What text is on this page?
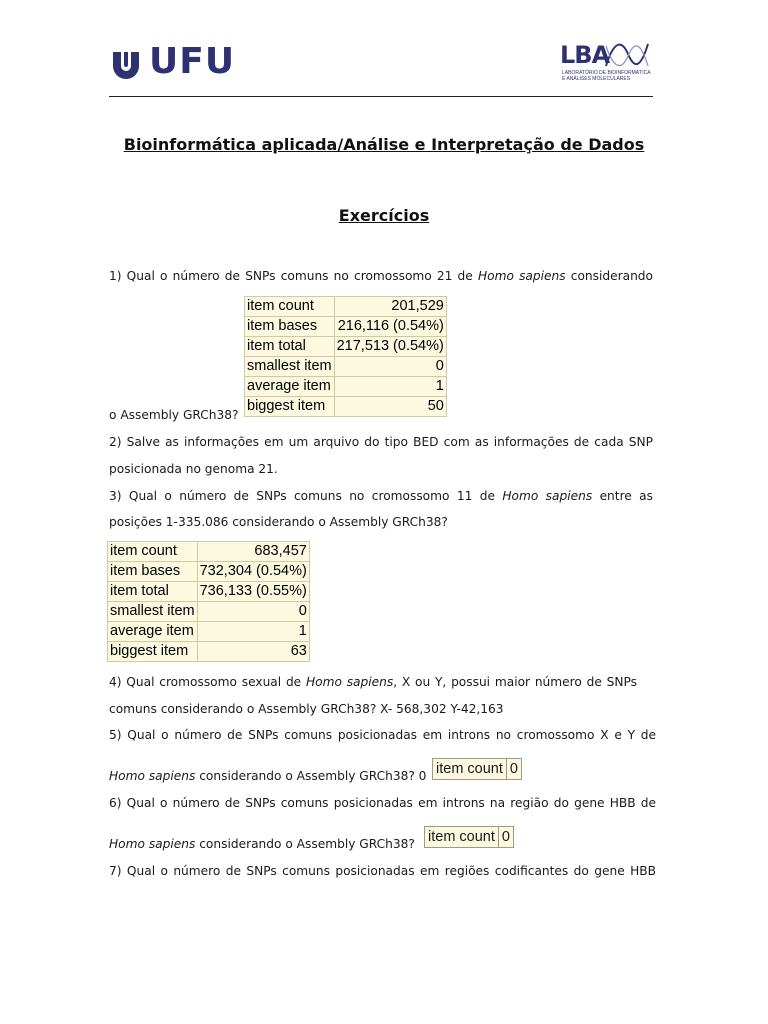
UFU	LBA
LABORATÓRIO DE BIOINFORMÁTICA E ANÁLISES MOLECULARES
Bioinformática aplicada/Análise e Interpretação de Dados
Exercícios
1) Qual o número de SNPs comuns no cromossomo 21 de Homo sapiens considerando
item count	201,529
item bases	216,116 (0.54%)
item total	217,513 (0.54%)
smallest item	0
average item	1
biggest item	50
o Assembly GRCh38?
2) Salve as informações em um arquivo do tipo BED com as informações de cada SNP
posicionada no genoma 21.
3) Qual o número de SNPs comuns no cromossomo 11 de Homo sapiens entre as
posições 1-335.086 considerando o Assembly GRCh38?
item count	683,457
item bases	732,304 (0.54%)
item total	736,133 (0.55%)
smallest item	0
average item	1
biggest item	63
4) Qual cromossomo sexual de Homo sapiens, X ou Y, possui maior número de SNPs
comuns considerando o Assembly GRCh38? X- 568,302 Y-42,163
5) Qual o número de SNPs comuns posicionadas em introns no cromossomo X e Y de
Homo sapiens considerando o Assembly GRCh38? 0 item count 0
6) Qual o número de SNPs comuns posicionadas em introns na região do gene HBB de
Homo sapiens considerando o Assembly GRCh38? item count 0
7) Qual o número de SNPs comuns posicionadas em regiões codificantes do gene HBB
